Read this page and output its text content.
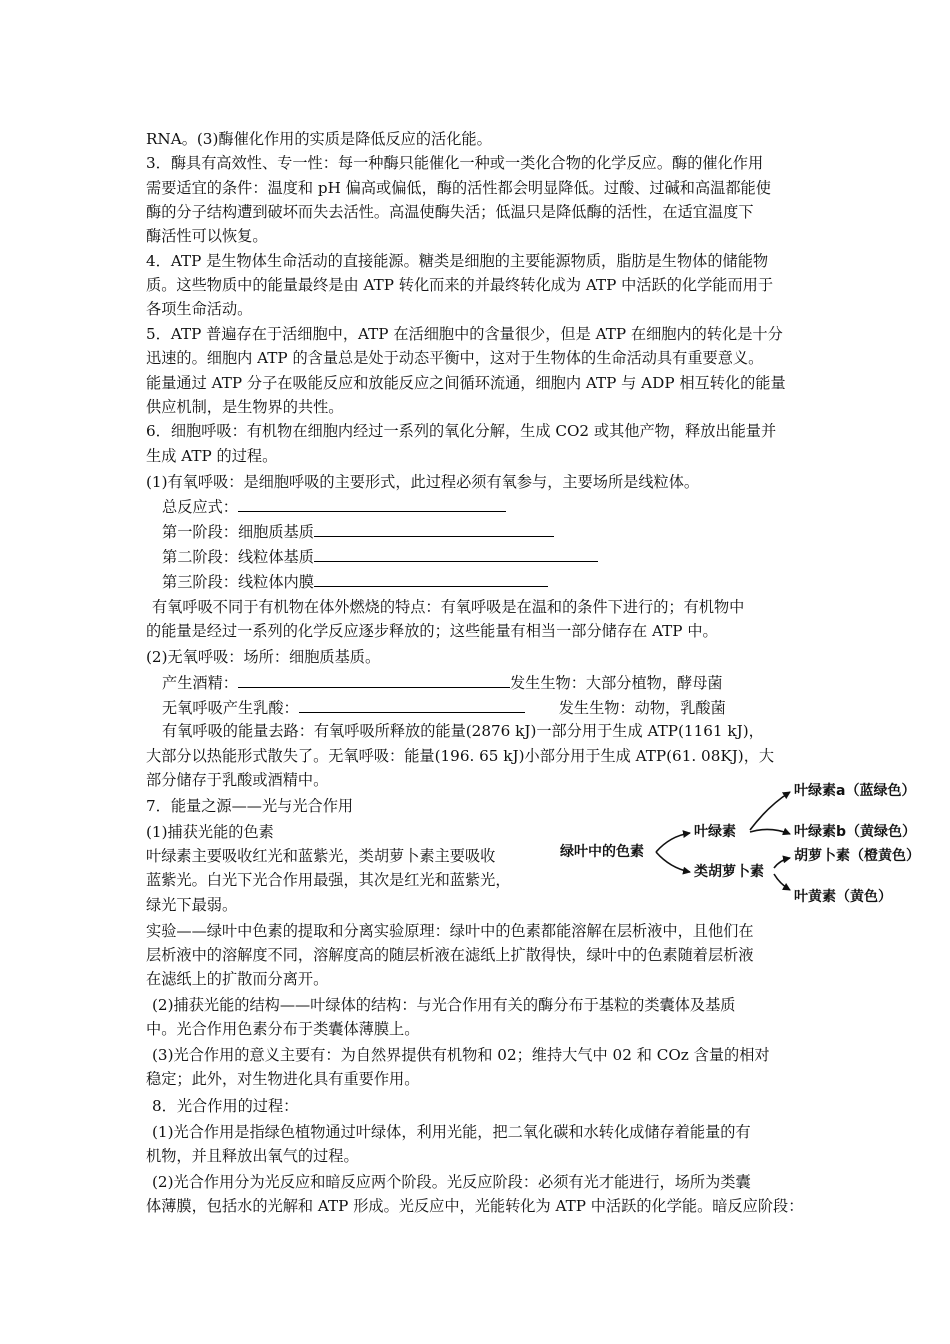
RNA。(3)酶催化作用的实质是降低反应的活化能。
3．酶具有高效性、专一性：每一种酶只能催化一种或一类化合物的化学反应。酶的催化作用
需要适宜的条件：温度和 pH 偏高或偏低，酶的活性都会明显降低。过酸、过碱和高温都能使
酶的分子结构遭到破坏而失去活性。高温使酶失活；低温只是降低酶的活性，在适宜温度下
酶活性可以恢复。
4．ATP 是生物体生命活动的直接能源。糖类是细胞的主要能源物质，脂肪是生物体的储能物
质。这些物质中的能量最终是由 ATP 转化而来的并最终转化成为 ATP 中活跃的化学能而用于
各项生命活动。
5．ATP 普遍存在于活细胞中，ATP 在活细胞中的含量很少，但是 ATP 在细胞内的转化是十分
迅速的。细胞内 ATP 的含量总是处于动态平衡中，这对于生物体的生命活动具有重要意义。
能量通过 ATP 分子在吸能反应和放能反应之间循环流通，细胞内 ATP 与 ADP 相互转化的能量
供应机制，是生物界的共性。
6．细胞呼吸：有机物在细胞内经过一系列的氧化分解，生成 CO2 或其他产物，释放出能量并
生成 ATP 的过程。
(1)有氧呼吸：是细胞呼吸的主要形式，此过程必须有氧参与，主要场所是线粒体。
总反应式：
第一阶段：细胞质基质
第二阶段：线粒体基质
第三阶段：线粒体内膜
有氧呼吸不同于有机物在体外燃烧的特点：有氧呼吸是在温和的条件下进行的；有机物中
的能量是经过一系列的化学反应逐步释放的；这些能量有相当一部分储存在 ATP 中。
(2)无氧呼吸：场所：细胞质基质。
产生酒精：	发生生物：大部分植物，酵母菌
无氧呼吸产生乳酸：	发生生物：动物，乳酸菌
有氧呼吸的能量去路：有氧呼吸所释放的能量(2876 kJ)一部分用于生成 ATP(1161 kJ)，
大部分以热能形式散失了。无氧呼吸：能量(196. 65 kJ)小部分用于生成 ATP(61. 08KJ)，大
部分储存于乳酸或酒精中。
7．能量之源——光与光合作用
(1)捕获光能的色素
叶绿素主要吸收红光和蓝紫光，类胡萝卜素主要吸收
蓝紫光。白光下光合作用最强，其次是红光和蓝紫光，
绿光下最弱。
实验——绿叶中色素的提取和分离实验原理：绿叶中的色素都能溶解在层析液中，且他们在
层析液中的溶解度不同，溶解度高的随层析液在滤纸上扩散得快，绿叶中的色素随着层析液
在滤纸上的扩散而分离开。
(2)捕获光能的结构——叶绿体的结构：与光合作用有关的酶分布于基粒的类囊体及基质
中。光合作用色素分布于类囊体薄膜上。
(3)光合作用的意义主要有：为自然界提供有机物和 02；维持大气中 02 和 COz 含量的相对
稳定；此外，对生物进化具有重要作用。
8．光合作用的过程：
(1)光合作用是指绿色植物通过叶绿体，利用光能，把二氧化碳和水转化成储存着能量的有
机物，并且释放出氧气的过程。
(2)光合作用分为光反应和暗反应两个阶段。光反应阶段：必须有光才能进行，场所为类囊
体薄膜，包括水的光解和 ATP 形成。光反应中，光能转化为 ATP 中活跃的化学能。暗反应阶段：
绿叶中的色素
叶绿素
类胡萝卜素
叶绿素a（蓝绿色）
叶绿素b（黄绿色）
胡萝卜素（橙黄色）
叶黄素（黄色）
